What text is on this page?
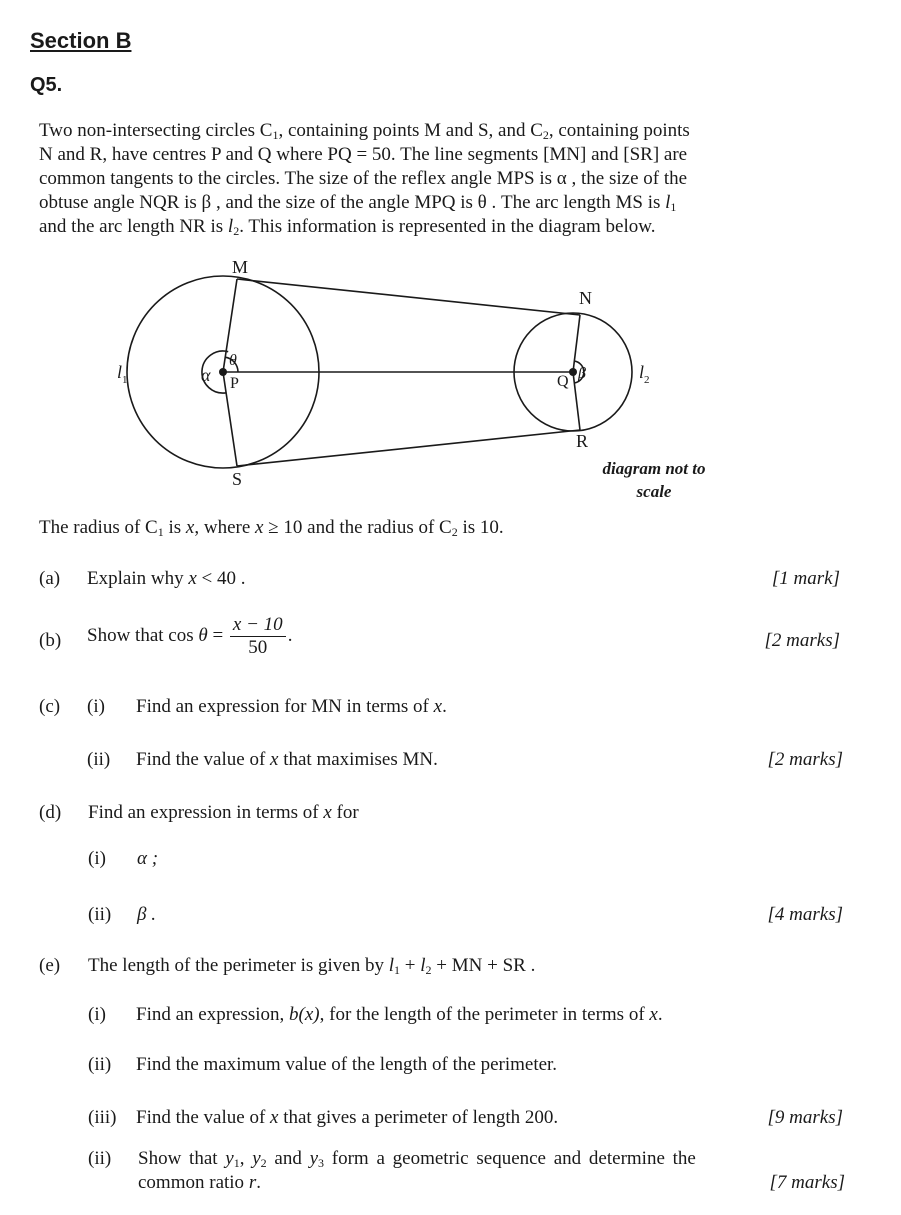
Section B
Q5.
Two non-intersecting circles $C_1$, containing points M and S, and $C_2$, containing points
N and R, have centres P and Q where PQ = 50. The line segments [MN] and [SR] are
common tangents to the circles. The size of the reflex angle MPS is α , the size of the
obtuse angle NQR is β , and the size of the angle MPQ is θ . The arc length MS is $l_1$
and the arc length NR is $l_2$. This information is represented in the diagram below.
M
N
P	Q
S
R
α
θ
β
l 1	l 2
diagram not to
scale
The radius of $C_1$ is x, where x ≥ 10 and the radius of $C_2$ is 10.
(a) Explain why x < 40 .	[1 mark]
(b) Show that $\cos \theta = \frac{x - 10}{50}$ .	[2 marks]
(c) (i) Find an expression for MN in terms of x.
(ii) Find the value of x that maximises MN.	[2 marks]
(d) Find an expression in terms of x for
(i) α ;
(ii) β .	[4 marks]
(e) The length of the perimeter is given by $l_1 + l_2$ + MN + SR .
(i) Find an expression, b(x), for the length of the perimeter in terms of x.
(ii) Find the maximum value of the length of the perimeter.
(iii) Find the value of x that gives a perimeter of length 200.	[9 marks]
(ii) Show that $y_1$, $y_2$ and $y_3$ form a geometric sequence and determine the
common ratio r.	[7 marks]
